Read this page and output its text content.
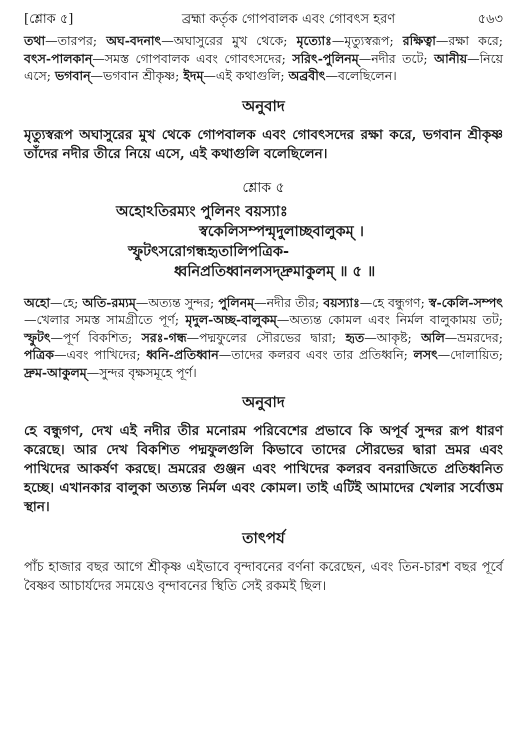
[শ্লোক ৫]	ব্রহ্মা কর্তৃক গোপবালক এবং গোবৎস হরণ	৫৬৩

তথা—তারপর; অঘ-বদনাৎ—অঘাসুরের মুখ থেকে; মৃত্যোঃ—মৃত্যুস্বরূপ; রক্ষিত্বা—রক্ষা করে; বৎস-পালকান্—সমস্ত গোপবালক এবং গোবৎসদের; সরিৎ-পুলিনম্—নদীর তটে; আনীয়—নিয়ে এসে; ভগবান্—ভগবান শ্রীকৃষ্ণ; ইদম্—এই কথাগুলি; অব্রবীৎ—বলেছিলেন।

অনুবাদ

মৃত্যুস্বরূপ অঘাসুরের মুখ থেকে গোপবালক এবং গোবৎসদের রক্ষা করে, ভগবান শ্রীকৃষ্ণ তাঁদের নদীর তীরে নিয়ে এসে, এই কথাগুলি বলেছিলেন।

শ্লোক ৫
অহোঽতিরম্যং পুলিনং বয়স্যাঃ
স্বকেলিসম্পন্মৃদুলাচ্ছবালুকম্ ।
স্ফুটৎসরোগন্ধহৃতালিপত্রিক-
ধ্বনিপ্রতিধ্বানলসদ্দ্রুমাকুলম্ ॥ ৫ ॥

অহো—হে; অতি-রম্যম্—অত্যন্ত সুন্দর; পুলিনম্—নদীর তীর; বয়স্যাঃ—হে বন্ধুগণ; স্ব-কেলি-সম্পৎ—খেলার সমস্ত সামগ্রীতে পূর্ণ; মৃদুল-অচ্ছ-বালুকম্—অত্যন্ত কোমল এবং নির্মল বালুকাময় তট; স্ফুটৎ—পূর্ণ বিকশিত; সরঃ-গন্ধ—পদ্মফুলের সৌরভের দ্বারা; হৃত—আকৃষ্ট; অলি—ভ্রমরদের; পত্রিক—এবং পাখিদের; ধ্বনি-প্রতিধ্বান—তাদের কলরব এবং তার প্রতিধ্বনি; লসৎ—দোলায়িত; দ্রুম-আকুলম্—সুন্দর বৃক্ষসমূহে পূর্ণ।

অনুবাদ

হে বন্ধুগণ, দেখ এই নদীর তীর মনোরম পরিবেশের প্রভাবে কি অপূর্ব সুন্দর রূপ ধারণ করেছে। আর দেখ বিকশিত পদ্মফুলগুলি কিভাবে তাদের সৌরভের দ্বারা ভ্রমর এবং পাখিদের আকর্ষণ করছে। ভ্রমরের গুঞ্জন এবং পাখিদের কলরব বনরাজিতে প্রতিধ্বনিত হচ্ছে। এখানকার বালুকা অত্যন্ত নির্মল এবং কোমল। তাই এটিই আমাদের খেলার সর্বোত্তম স্থান।

তাৎপর্য

পাঁচ হাজার বছর আগে শ্রীকৃষ্ণ এইভাবে বৃন্দাবনের বর্ণনা করেছেন, এবং তিন-চারশ বছর পূর্বে বৈষ্ণব আচার্যদের সময়েও বৃন্দাবনের স্থিতি সেই রকমই ছিল।
